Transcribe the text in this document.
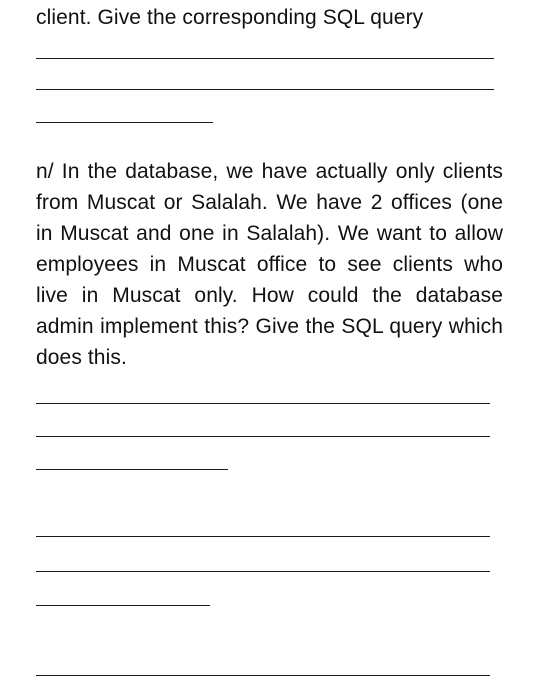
client. Give the corresponding SQL query
n/ In the database, we have actually only clients from Muscat or Salalah. We have 2 offices (one in Muscat and one in Salalah). We want to allow employees in Muscat office to see clients who live in Muscat only. How could the database admin implement this? Give the SQL query which does this.
